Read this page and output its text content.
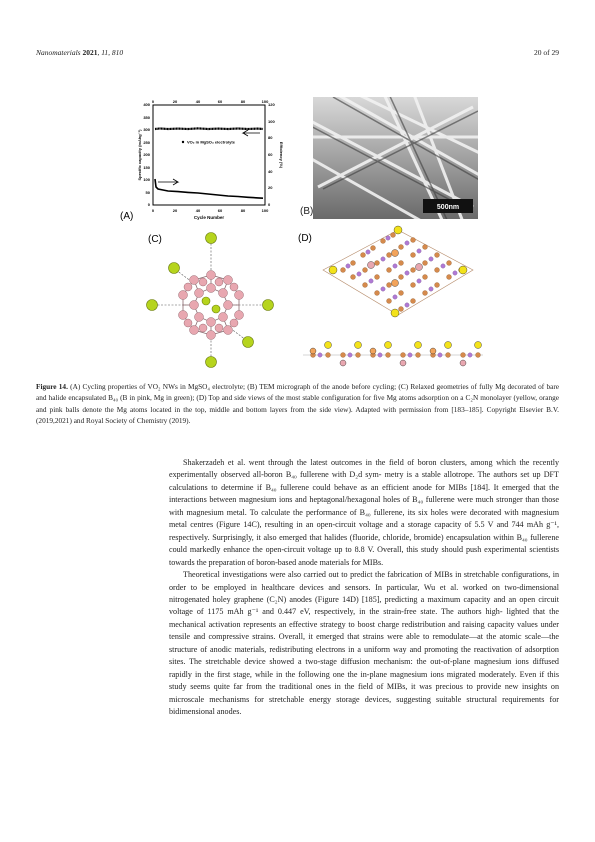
Nanomaterials 2021, 11, 810	20 of 29
0	20	40	60	80	100
0	20	40	60	80	100
0
50
100
150
200
250
300
350
400
0
20
40
60
80
100
120
Cycle Number
Specific capacity (mAhg⁻¹)	Efficiency (%)
VO₂ in MgSO₄ electrolyte
(A)
500nm
(B)
(C)	(D)
Figure 14. (A) Cycling properties of VO₂ NWs in MgSO₄ electrolyte; (B) TEM micrograph of the anode before cycling; (C) Relaxed geometries of fully Mg decorated of bare and halide encapsulated B₄₀ (B in pink, Mg in green); (D) Top and side views of the most stable configuration for five Mg atoms adsorption on a C₂N monolayer (yellow, orange and pink balls denote the Mg atoms located in the top, middle and bottom layers from the side view). Adapted with permission from [183–185]. Copyright Elsevier B.V. (2019,2021) and Royal Society of Chemistry (2019).

Shakerzadeh et al. went through the latest outcomes in the field of boron clusters, among which the recently experimentally observed all-boron B₄₀ fullerene with D₂d sym- metry is a stable allotrope. The authors set up DFT calculations to determine if B₄₀ fullerene could behave as an efficient anode for MIBs [184]. It emerged that the interactions between magnesium ions and heptagonal/hexagonal holes of B₄₀ fullerene were much stronger than those with magnesium metal. To calculate the performance of B₄₀ fullerene, its six holes were decorated with magnesium metal centres (Figure 14C), resulting in an open-circuit voltage and a storage capacity of 5.5 V and 744 mAh g⁻¹, respectively. Surprisingly, it also emerged that halides (fluoride, chloride, bromide) encapsulation within B₄₀ fullerene could markedly enhance the open-circuit voltage up to 8.8 V. Overall, this study should push experimental scientists towards the preparation of boron-based anode materials for MIBs.

Theoretical investigations were also carried out to predict the fabrication of MIBs in stretchable configurations, in order to be employed in healthcare devices and sensors. In particular, Wu et al. worked on two-dimensional nitrogenated holey graphene (C₂N) anodes (Figure 14D) [185], predicting a maximum capacity and an open circuit voltage of 1175 mAh g⁻¹ and 0.447 eV, respectively, in the strain-free state. The authors high- lighted that the mechanical activation represents an effective strategy to boost charge redistribution and raising capacity values under tensile and compressive strains. Overall, it emerged that strains were able to remodulate—at the atomic scale—the structure of anodic materials, redistributing electrons in a uniform way and promoting the reactivation of adsorption sites. The stretchable device showed a two-stage diffusion mechanism: the out-of-plane magnesium ions diffused rapidly in the first stage, while in the following one the in-plane magnesium ions migrated moderately. Even if this study seems quite far from the traditional ones in the field of MIBs, it was precious to provide new insights on microscale mechanisms for stretchable energy storage devices, suggesting suitable structural requirements for bidimensional anodes.
